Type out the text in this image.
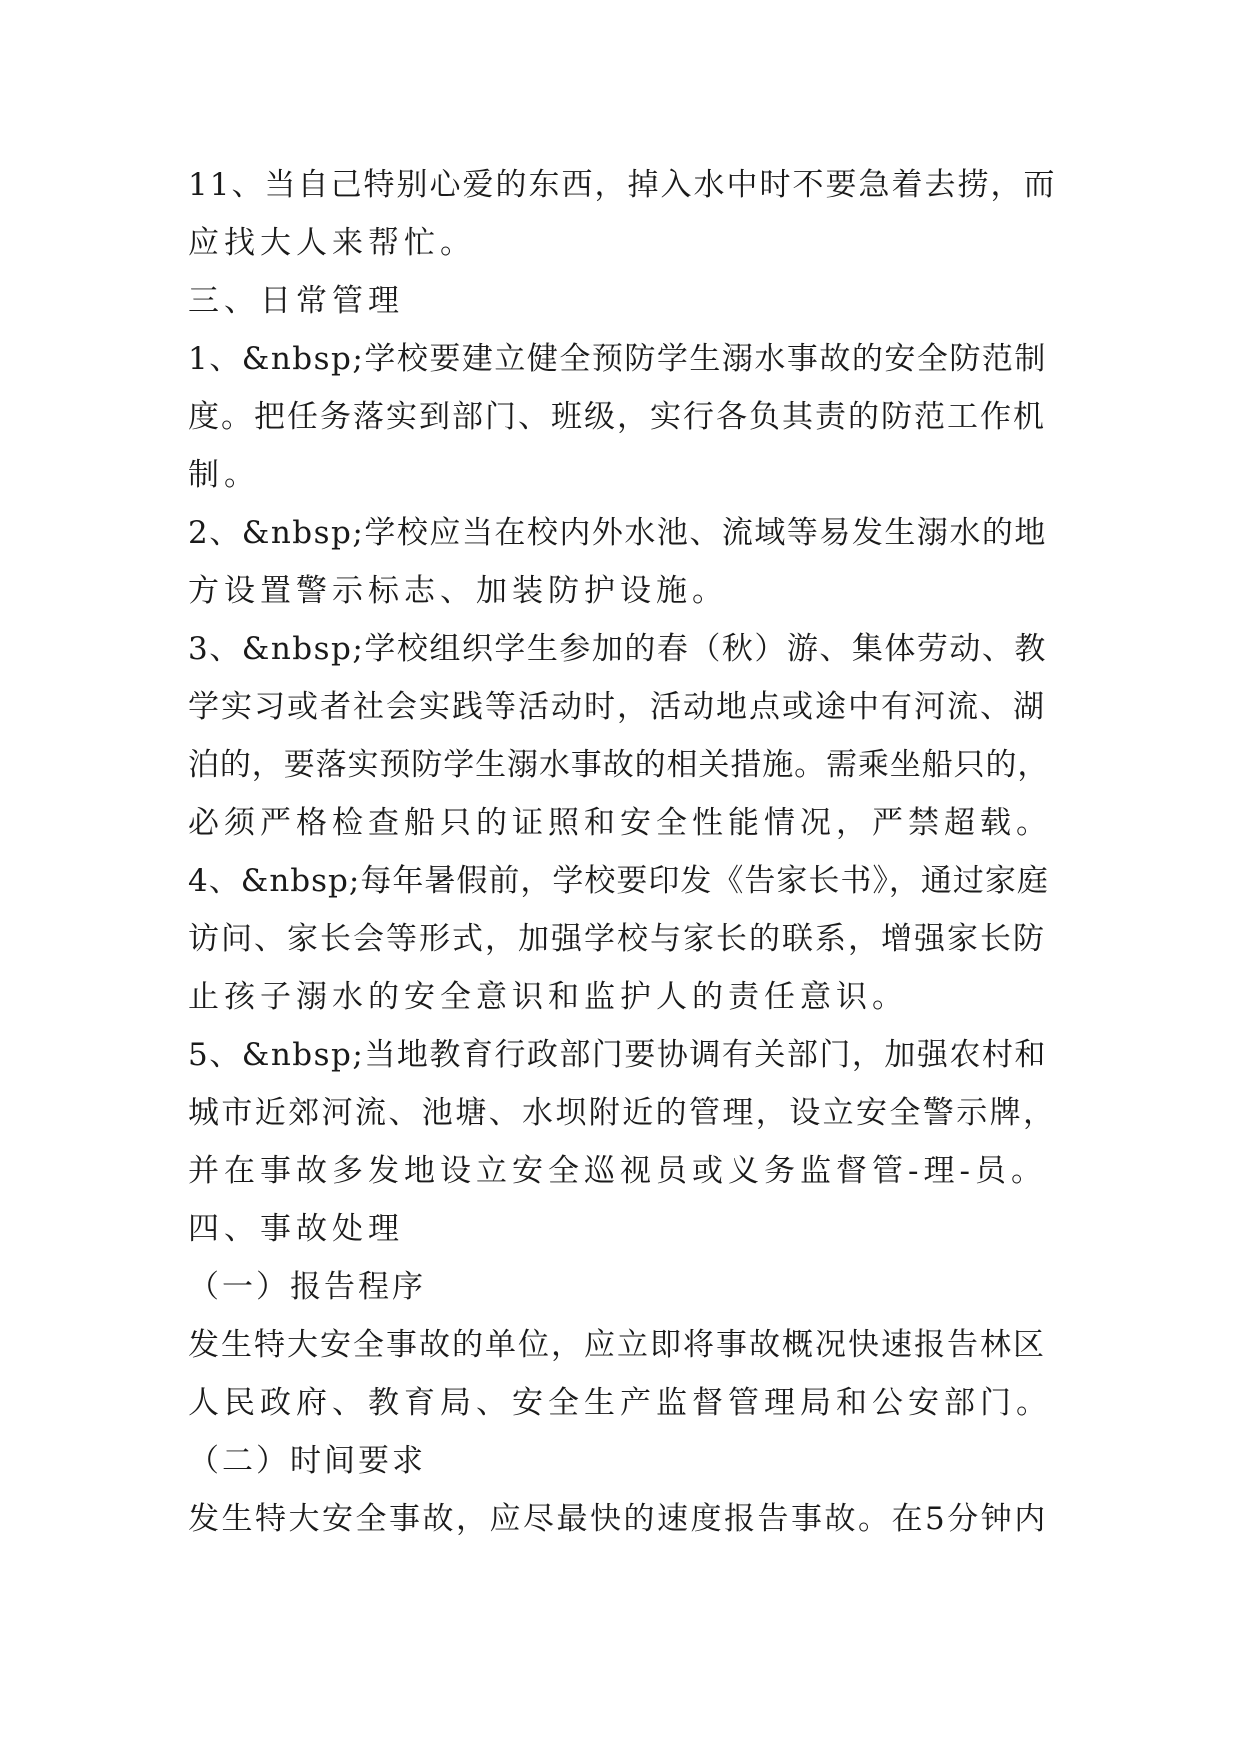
11、当自己特别心爱的东西，掉入水中时不要急着去捞，而
应找大人来帮忙。
三、日常管理
1、&nbsp;学校要建立健全预防学生溺水事故的安全防范制
度。把任务落实到部门、班级，实行各负其责的防范工作机
制。
2、&nbsp;学校应当在校内外水池、流域等易发生溺水的地
方设置警示标志、加装防护设施。
3、&nbsp;学校组织学生参加的春（秋）游、集体劳动、教
学实习或者社会实践等活动时，活动地点或途中有河流、湖
泊的，要落实预防学生溺水事故的相关措施。需乘坐船只的，
必须严格检查船只的证照和安全性能情况，严禁超载。
4、&nbsp;每年暑假前，学校要印发《告家长书》，通过家庭
访问、家长会等形式，加强学校与家长的联系，增强家长防
止孩子溺水的安全意识和监护人的责任意识。
5、&nbsp;当地教育行政部门要协调有关部门，加强农村和
城市近郊河流、池塘、水坝附近的管理，设立安全警示牌，
并在事故多发地设立安全巡视员或义务监督管-理-员。
四、事故处理
（一）报告程序
发生特大安全事故的单位，应立即将事故概况快速报告林区
人民政府、教育局、安全生产监督管理局和公安部门。
（二）时间要求
发生特大安全事故，应尽最快的速度报告事故。在5分钟内
